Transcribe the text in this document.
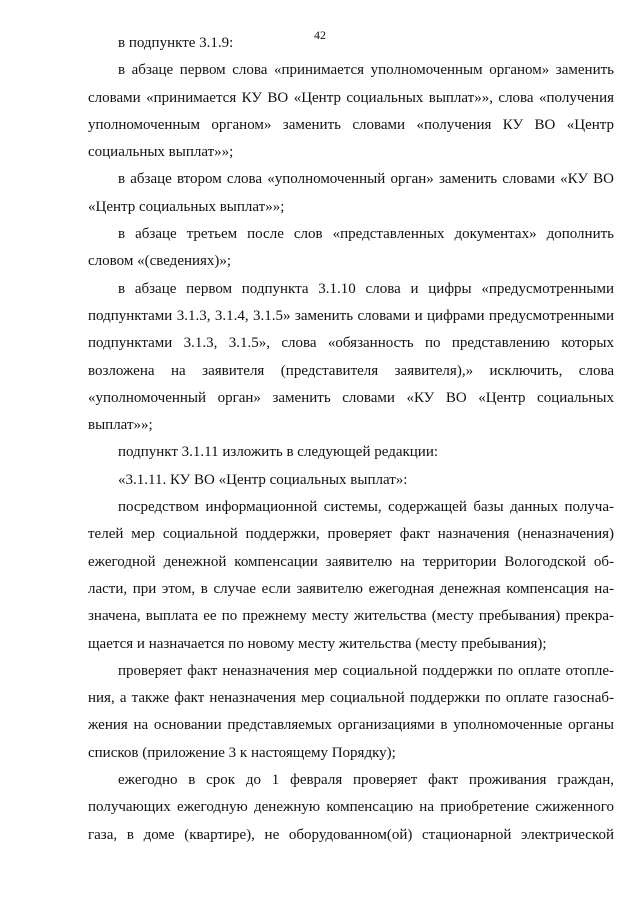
42
в подпункте 3.1.9:
в абзаце первом слова «принимается уполномоченным органом» заменить
словами «принимается КУ ВО «Центр социальных выплат»», слова «получения
уполномоченным органом» заменить словами «получения КУ ВО «Центр
социальных выплат»»;
в абзаце втором слова «уполномоченный орган» заменить словами «КУ ВО
«Центр социальных выплат»»;
в абзаце третьем после слов «представленных документах» дополнить
словом «(сведениях)»;
в абзаце первом подпункта 3.1.10 слова и цифры «предусмотренными
подпунктами 3.1.3, 3.1.4, 3.1.5» заменить словами и цифрами предусмотренными
подпунктами 3.1.3, 3.1.5», слова «обязанность по представлению которых
возложена на заявителя (представителя заявителя),» исключить, слова
«уполномоченный орган» заменить словами «КУ ВО «Центр социальных
выплат»»;
подпункт 3.1.11 изложить в следующей редакции:
«3.1.11. КУ ВО «Центр социальных выплат»:
посредством информационной системы, содержащей базы данных получа-
телей мер социальной поддержки, проверяет факт назначения (неназначения)
ежегодной денежной компенсации заявителю на территории Вологодской об-
ласти, при этом, в случае если заявителю ежегодная денежная компенсация на-
значена, выплата ее по прежнему месту жительства (месту пребывания) прекра-
щается и назначается по новому месту жительства (месту пребывания);
проверяет факт неназначения мер социальной поддержки по оплате отопле-
ния, а также факт неназначения мер социальной поддержки по оплате газоснаб-
жения на основании представляемых организациями в уполномоченные органы
списков (приложение 3 к настоящему Порядку);
ежегодно в срок до 1 февраля проверяет факт проживания граждан,
получающих ежегодную денежную компенсацию на приобретение сжиженного
газа, в доме (квартире), не оборудованном(ой) стационарной электрической
